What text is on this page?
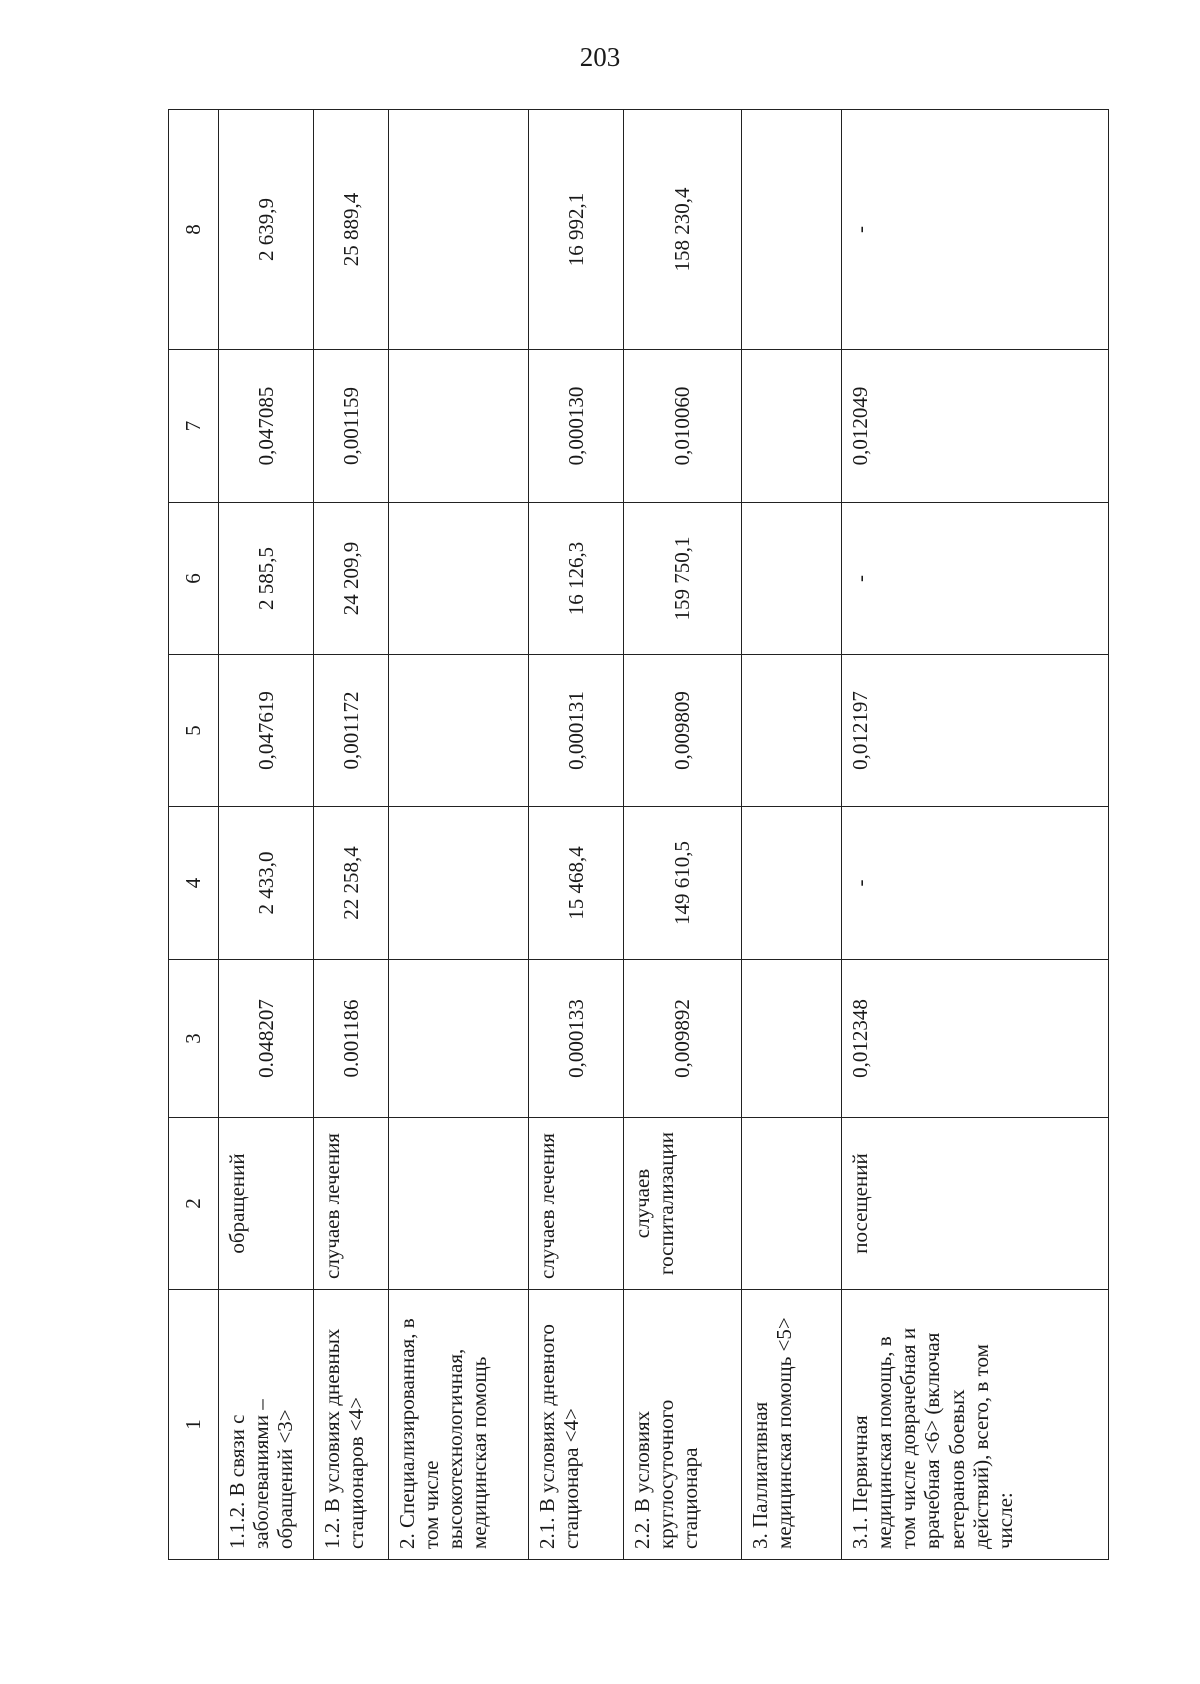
203
1	2	3	4	5	6	7	8
1.1.2. В связи с заболеваниями – обращений <3>	обращений	0.048207	2 433,0	0,047619	2 585,5	0,047085	2 639,9
1.2. В условиях дневных стационаров <4>	случаев лечения	0.001186	22 258,4	0,001172	24 209,9	0,001159	25 889,4
2. Специализированная, в том числе высокотехнологичная, медицинская помощь							
2.1. В условиях дневного стационара <4>	случаев лечения	0,000133	15 468,4	0,000131	16 126,3	0,000130	16 992,1
2.2. В условиях круглосуточного стационара	случаев госпитализации	0,009892	149 610,5	0,009809	159 750,1	0,010060	158 230,4
3. Паллиативная медицинская помощь <5>							
3.1. Первичная медицинская помощь, в том числе доврачебная и врачебная <6> (включая ветеранов боевых действий), всего, в том числе:	посещений	0,012348	-	0,012197	-	0,012049	-
